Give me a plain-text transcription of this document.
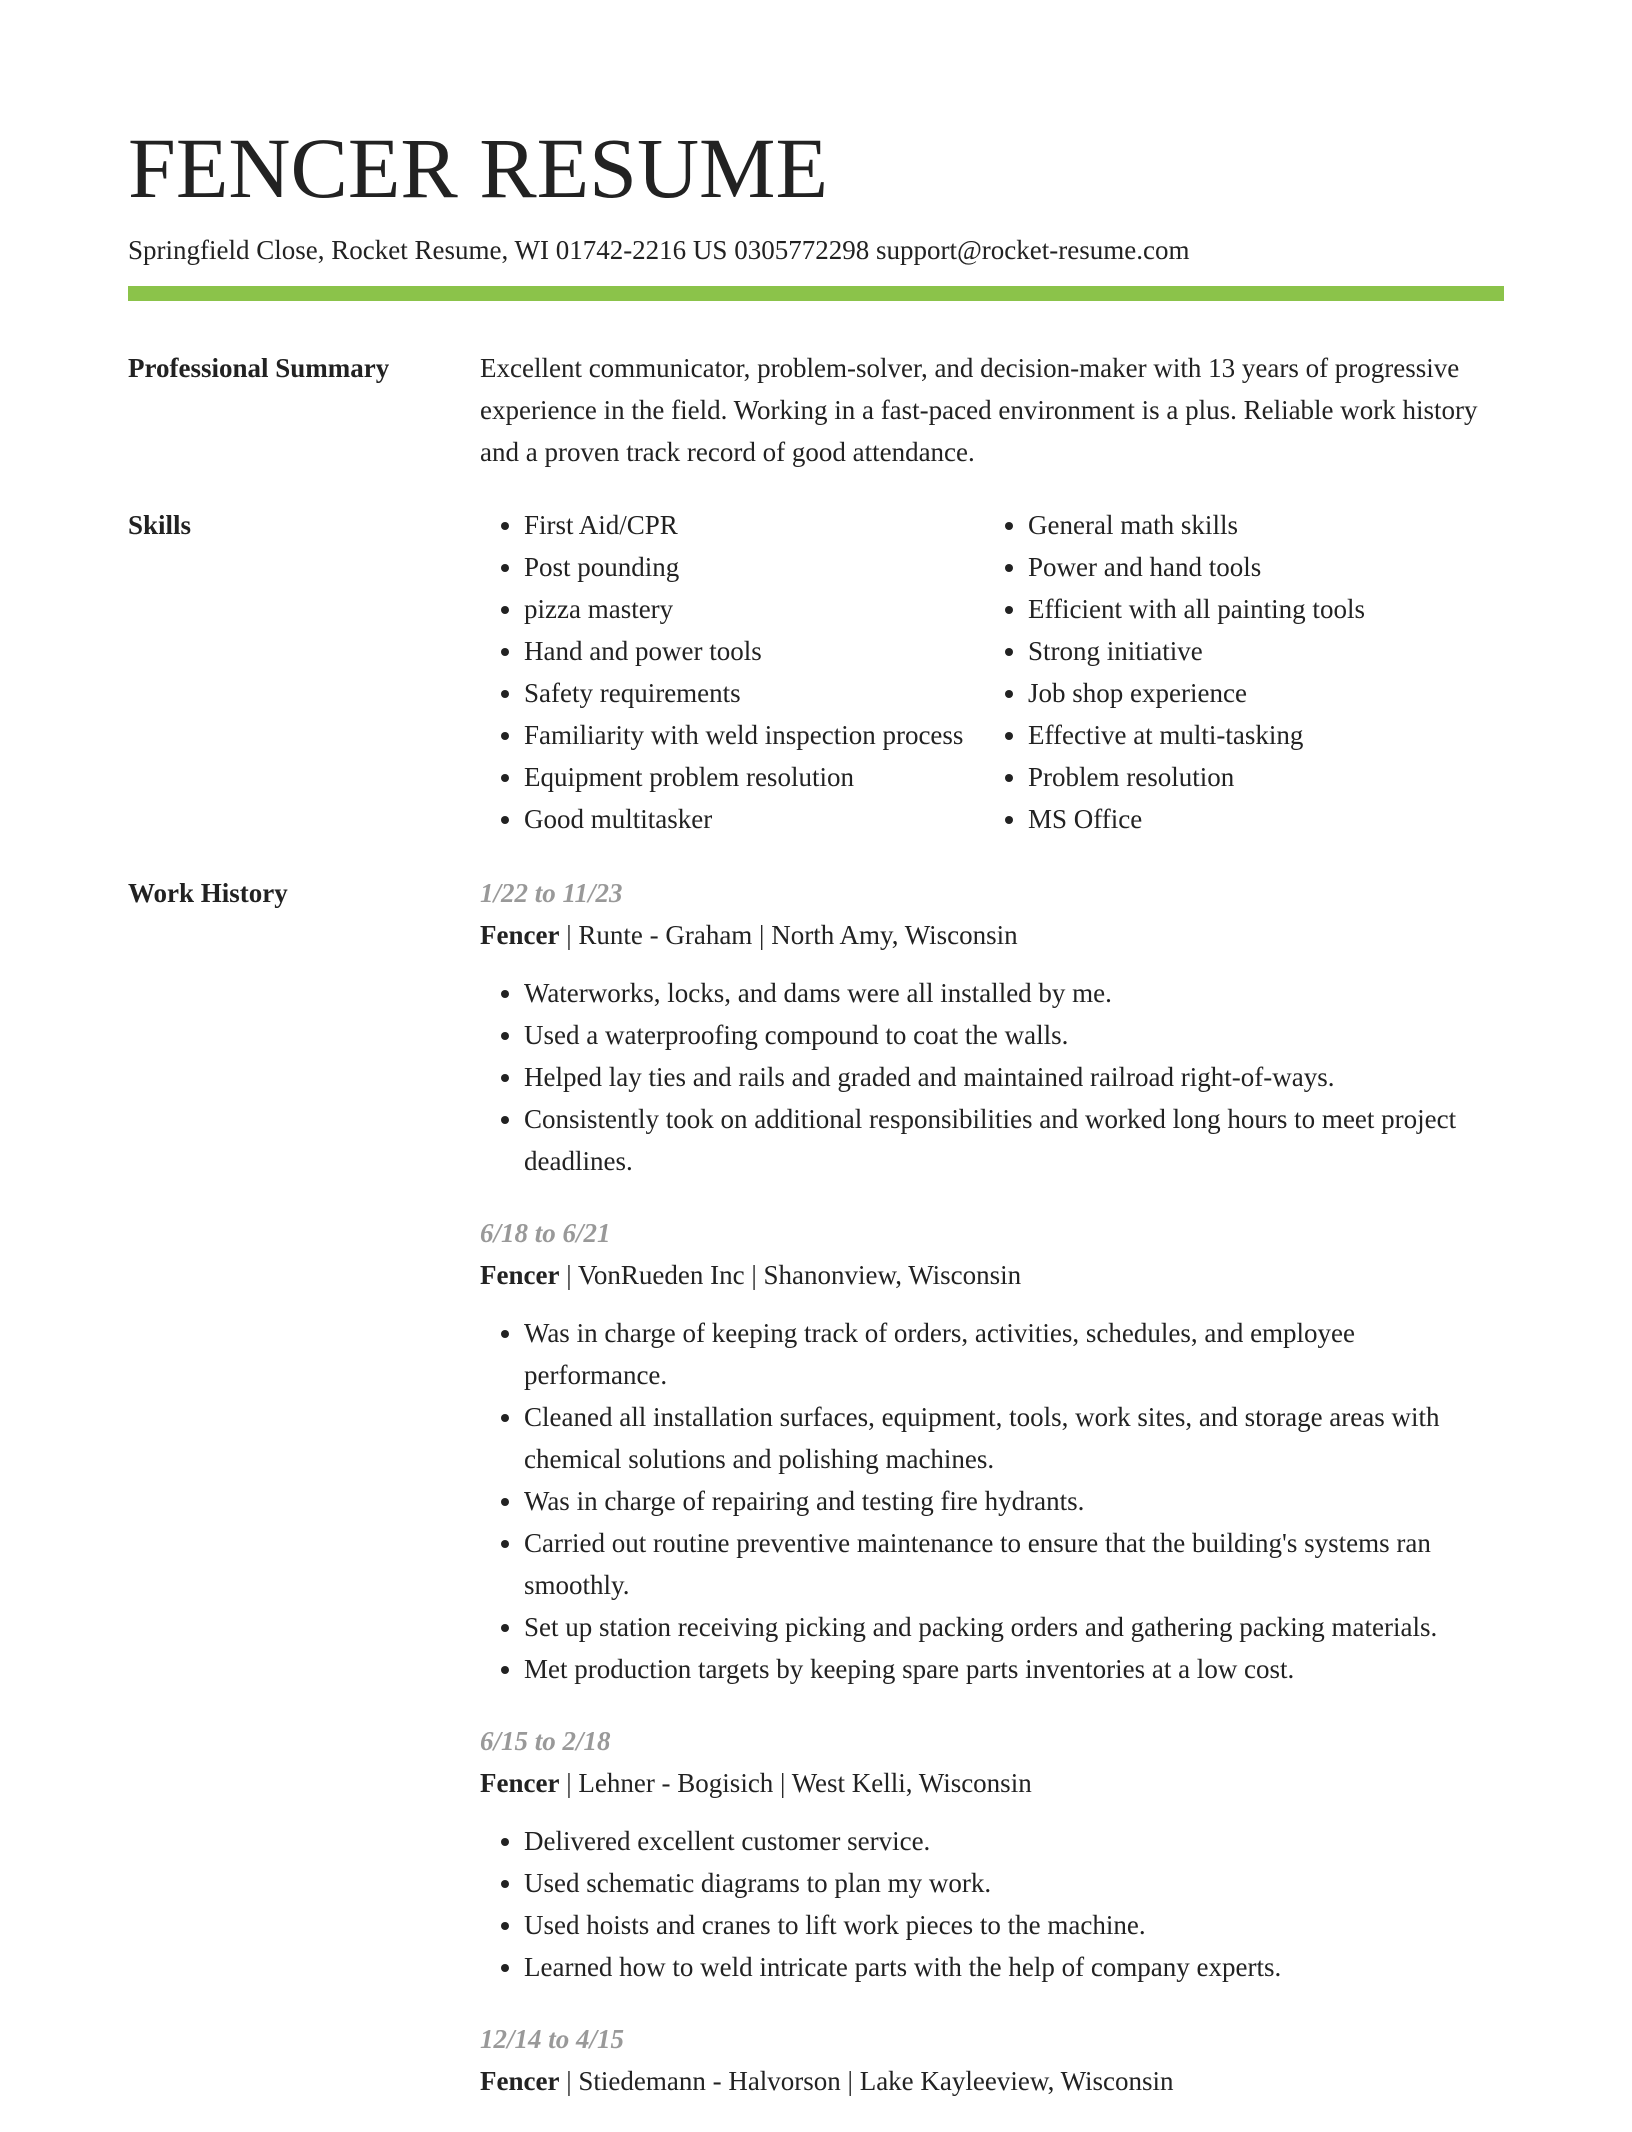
FENCER RESUME
Springfield Close, Rocket Resume, WI 01742-2216 US 0305772298 support@rocket-resume.com
Professional Summary	Excellent communicator, problem-solver, and decision-maker with 13 years of progressive experience in the field. Working in a fast-paced environment is a plus. Reliable work history and a proven track record of good attendance.

Skills
•	First Aid/CPR
• Post pounding
• pizza mastery
• Hand and power tools
• Safety requirements
• Familiarity with weld inspection process
• Equipment problem resolution
• Good multitasker
• General math skills
• Power and hand tools
• Efficient with all painting tools
• Strong initiative
• Job shop experience
• Effective at multi-tasking
• Problem resolution
• MS Office
Work History	1/22 to 11/23
Fencer | Runte - Graham | North Amy, Wisconsin
• Waterworks, locks, and dams were all installed by me.
• Used a waterproofing compound to coat the walls.
• Helped lay ties and rails and graded and maintained railroad right-of-ways.
• Consistently took on additional responsibilities and worked long hours to meet project deadlines.
6/18 to 6/21
Fencer | VonRueden Inc | Shanonview, Wisconsin
• Was in charge of keeping track of orders, activities, schedules, and employee performance.
• Cleaned all installation surfaces, equipment, tools, work sites, and storage areas with chemical solutions and polishing machines.
• Was in charge of repairing and testing fire hydrants.
• Carried out routine preventive maintenance to ensure that the building's systems ran smoothly.
• Set up station receiving picking and packing orders and gathering packing materials.
• Met production targets by keeping spare parts inventories at a low cost.
6/15 to 2/18
Fencer | Lehner - Bogisich | West Kelli, Wisconsin
• Delivered excellent customer service.
• Used schematic diagrams to plan my work.
• Used hoists and cranes to lift work pieces to the machine.
• Learned how to weld intricate parts with the help of company experts.
12/14 to 4/15
Fencer | Stiedemann - Halvorson | Lake Kayleeview, Wisconsin
